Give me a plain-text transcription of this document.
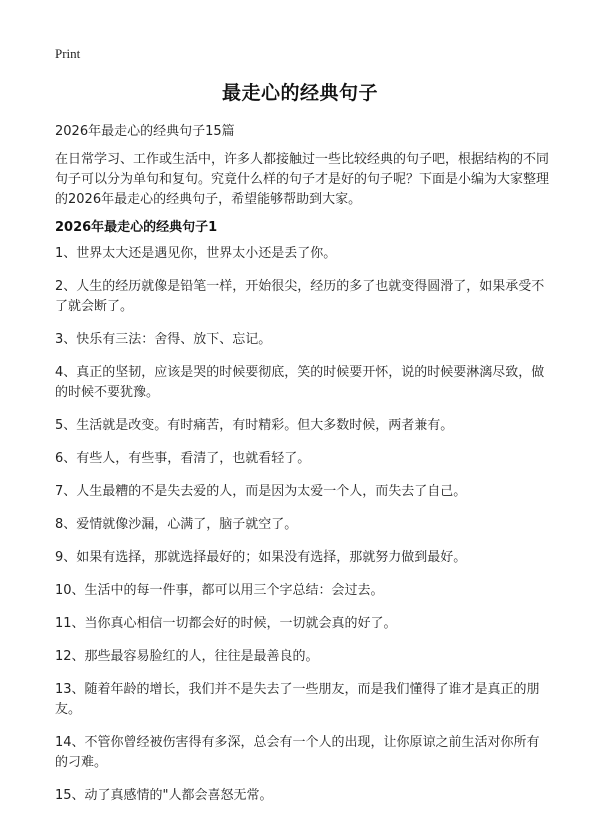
Print
最走心的经典句子
2026年最走心的经典句子15篇

在日常学习、工作或生活中，许多人都接触过一些比较经典的句子吧，根据结构的不同句子可以分为单句和复句。究竟什么样的句子才是好的句子呢？下面是小编为大家整理的2026年最走心的经典句子，希望能够帮助到大家。

2026年最走心的经典句子1
1、世界太大还是遇见你，世界太小还是丢了你。
2、人生的经历就像是铅笔一样，开始很尖，经历的多了也就变得圆滑了，如果承受不了就会断了。
3、快乐有三法：舍得、放下、忘记。
4、真正的坚韧，应该是哭的时候要彻底，笑的时候要开怀，说的时候要淋漓尽致，做的时候不要犹豫。
5、生活就是改变。有时痛苦，有时精彩。但大多数时候，两者兼有。
6、有些人，有些事，看清了，也就看轻了。
7、人生最糟的不是失去爱的人，而是因为太爱一个人，而失去了自己。
8、爱情就像沙漏，心满了，脑子就空了。
9、如果有选择，那就选择最好的；如果没有选择，那就努力做到最好。
10、生活中的每一件事，都可以用三个字总结：会过去。
11、当你真心相信一切都会好的时候，一切就会真的好了。
12、那些最容易脸红的人，往往是最善良的。
13、随着年龄的增长，我们并不是失去了一些朋友，而是我们懂得了谁才是真正的朋友。
14、不管你曾经被伤害得有多深，总会有一个人的出现，让你原谅之前生活对你所有的刁难。
15、动了真感情的"人都会喜怒无常。
